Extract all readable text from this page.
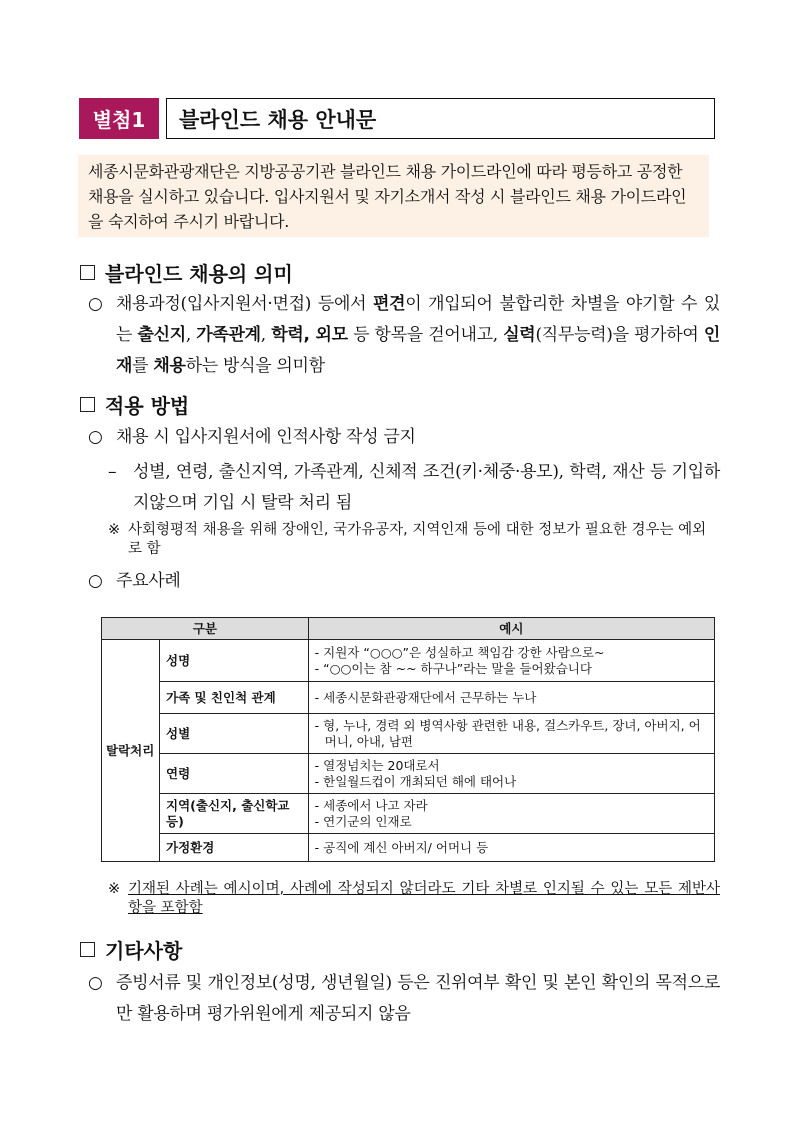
별첨1	블라인드 채용 안내문
세종시문화관광재단은 지방공공기관 블라인드 채용 가이드라인에 따라 평등하고 공정한 채용을 실시하고 있습니다. 입사지원서 및 자기소개서 작성 시 블라인드 채용 가이드라인을 숙지하여 주시기 바랍니다.
블라인드 채용의 의미
○ 채용과정(입사지원서·면접) 등에서 편견이 개입되어 불합리한 차별을 야기할 수 있는 출신지, 가족관계, 학력, 외모 등 항목을 걷어내고, 실력(직무능력)을 평가하여 인재를 채용하는 방식을 의미함
적용 방법
○ 채용 시 입사지원서에 인적사항 작성 금지
– 성별, 연령, 출신지역, 가족관계, 신체적 조건(키·체중·용모), 학력, 재산 등 기입하지않으며 기입 시 탈락 처리 됨
※ 사회형평적 채용을 위해 장애인, 국가유공자, 지역인재 등에 대한 정보가 필요한 경우는 예외로 함
○ 주요사례
구분		예시
탈락처리	성명	- 지원자 “○○○”은 성실하고 책임감 강한 사람으로~
- “○○이는 참 ~~ 하구나”라는 말을 들어왔습니다

	가족 및 친인척 관계	- 세종시문화관광재단에서 근무하는 누나

	성별	- 형, 누나, 경력 외 병역사항 관련한 내용, 걸스카우트, 장녀, 아버지, 어머니, 아내, 남편

	연령	- 열정넘치는 20대로서
- 한일월드컵이 개최되던 해에 태어나

	지역(출신지, 출신학교 등)	- 세종에서 나고 자라
- 연기군의 인재로

	가정환경	- 공직에 계신 아버지/ 어머니 등
※ 기재된 사례는 예시이며, 사례에 작성되지 않더라도 기타 차별로 인지될 수 있는 모든 제반사항을 포함함
기타사항
○ 증빙서류 및 개인정보(성명, 생년월일) 등은 진위여부 확인 및 본인 확인의 목적으로만 활용하며 평가위원에게 제공되지 않음
